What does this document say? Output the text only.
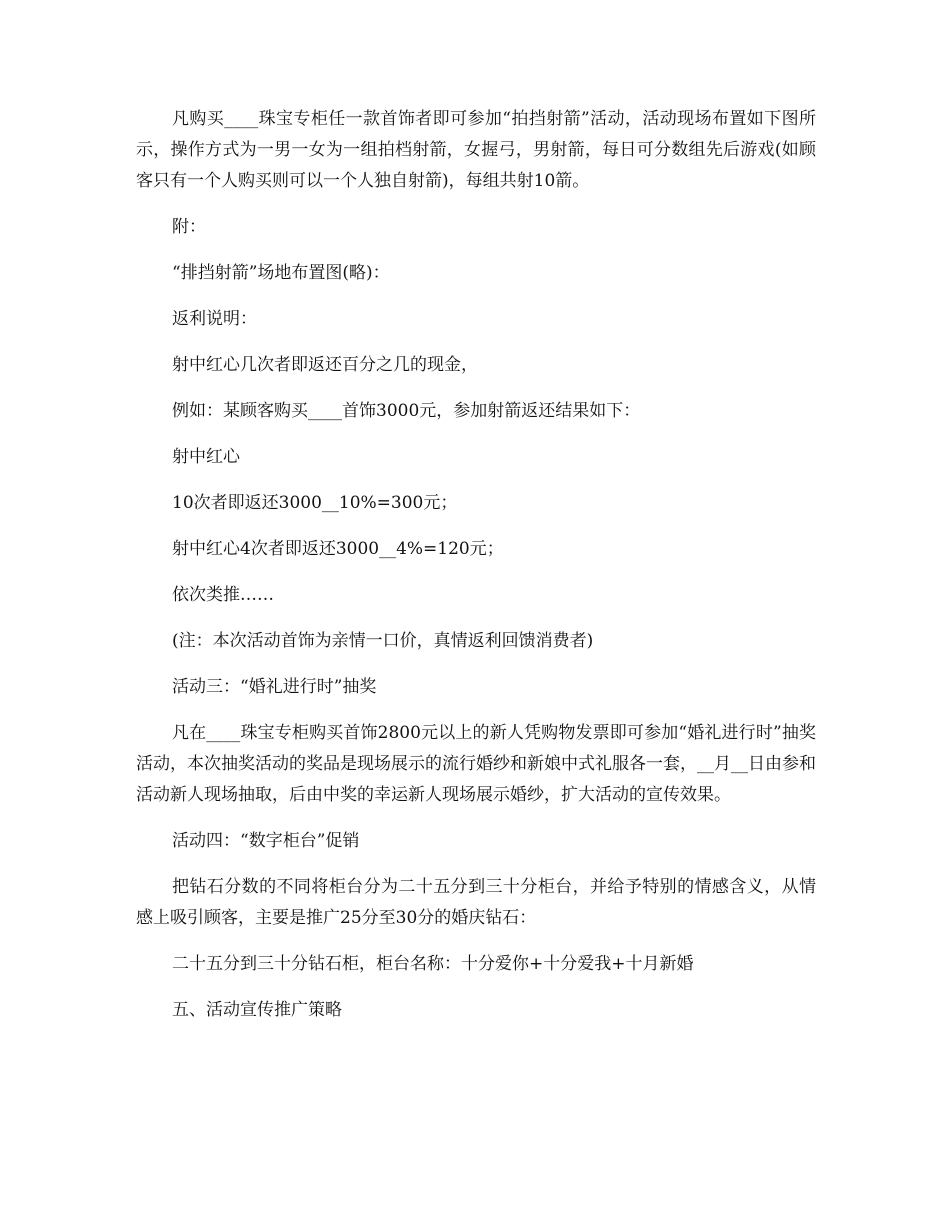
凡购买____珠宝专柜任一款首饰者即可参加“拍挡射箭”活动，活动现场布置如下图所示，操作方式为一男一女为一组拍档射箭，女握弓，男射箭，每日可分数组先后游戏(如顾客只有一个人购买则可以一个人独自射箭)，每组共射10箭。

附：

“排挡射箭”场地布置图(略)：

返利说明：

射中红心几次者即返还百分之几的现金，

例如：某顾客购买____首饰3000元，参加射箭返还结果如下：

射中红心

10次者即返还3000__10%=300元；

射中红心4次者即返还3000__4%=120元；

依次类推……

(注：本次活动首饰为亲情一口价，真情返利回馈消费者)

活动三：“婚礼进行时”抽奖

凡在____珠宝专柜购买首饰2800元以上的新人凭购物发票即可参加“婚礼进行时”抽奖活动，本次抽奖活动的奖品是现场展示的流行婚纱和新娘中式礼服各一套，__月__日由参和活动新人现场抽取，后由中奖的幸运新人现场展示婚纱，扩大活动的宣传效果。

活动四：“数字柜台”促销

把钻石分数的不同将柜台分为二十五分到三十分柜台，并给予特别的情感含义，从情感上吸引顾客，主要是推广25分至30分的婚庆钻石：

二十五分到三十分钻石柜，柜台名称：十分爱你+十分爱我+十月新婚

五、活动宣传推广策略
